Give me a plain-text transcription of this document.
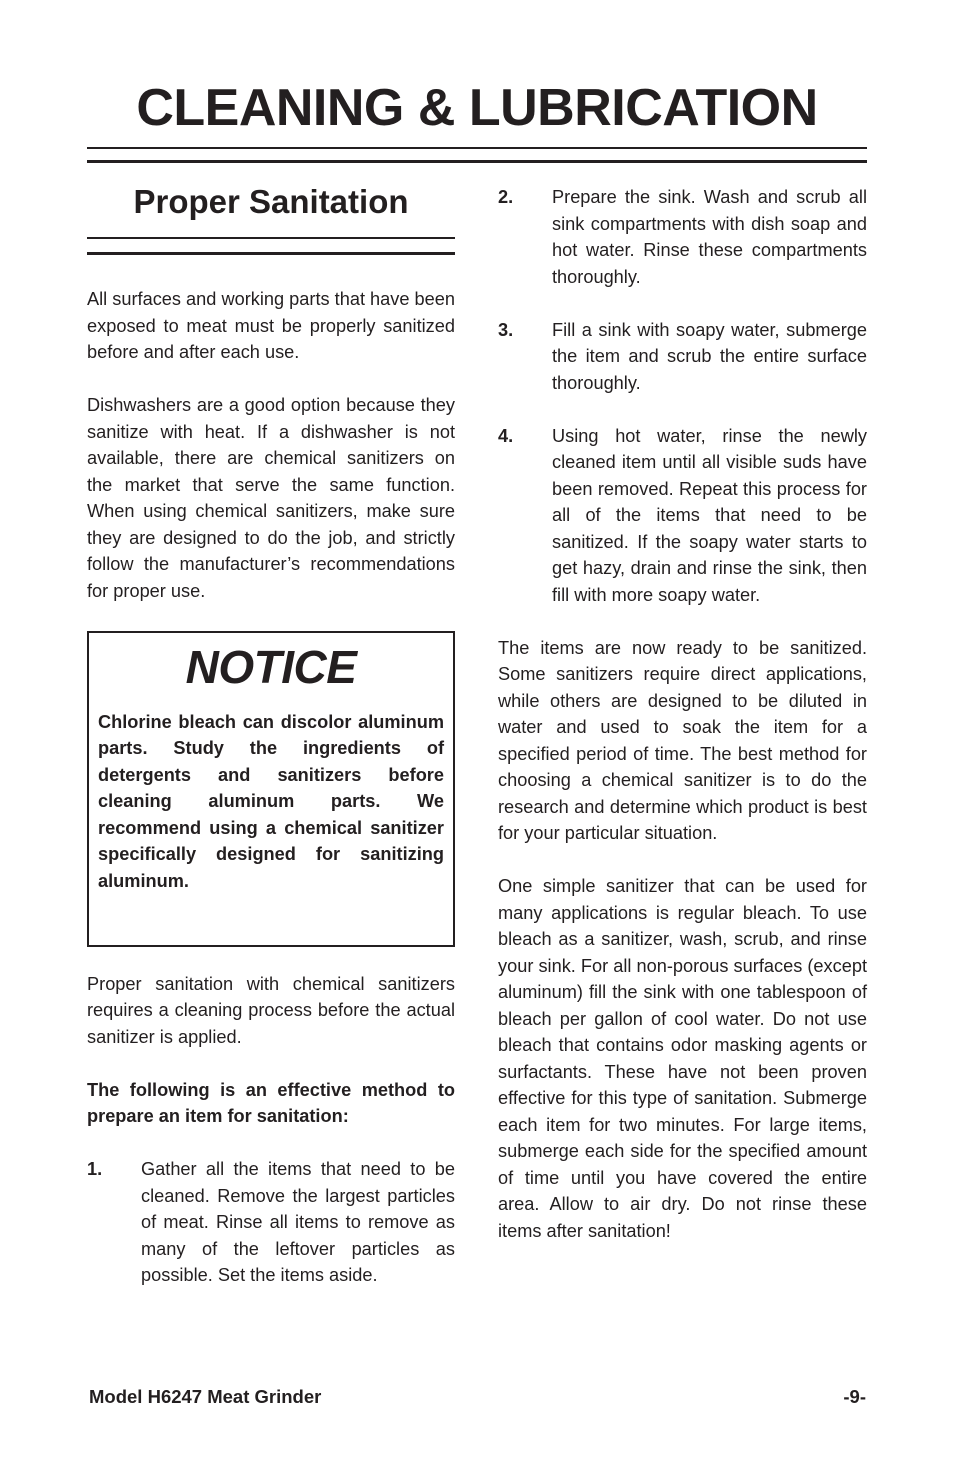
CLEANING & LUBRICATION
Proper Sanitation

All surfaces and working parts that have been exposed to meat must be properly sanitized before and after each use.

Dishwashers are a good option because they sanitize with heat. If a dishwasher is not available, there are chemical sanitizers on the market that serve the same function. When using chemical sanitizers, make sure they are designed to do the job, and strictly follow the manufacturer’s recommendations for proper use.

NOTICE

Chlorine bleach can discolor aluminum parts. Study the ingredients of detergents and sanitizers before cleaning aluminum parts. We recommend using a chemical sanitizer specifically designed for sanitizing aluminum.

Proper sanitation with chemical sanitizers requires a cleaning process before the actual sanitizer is applied.

The following is an effective method to prepare an item for sanitation:

1.	Gather all the items that need to be cleaned. Remove the largest particles of meat. Rinse all items to remove as many of the leftover particles as possible. Set the items aside.
2.	Prepare the sink. Wash and scrub all sink compartments with dish soap and hot water. Rinse these compartments thoroughly.
3.	Fill a sink with soapy water, submerge the item and scrub the entire surface thoroughly.
4.	Using hot water, rinse the newly cleaned item until all visible suds have been removed. Repeat this process for all of the items that need to be sanitized. If the soapy water starts to get hazy, drain and rinse the sink, then fill with more soapy water.

The items are now ready to be sanitized. Some sanitizers require direct applications, while others are designed to be diluted in water and used to soak the item for a specified period of time. The best method for choosing a chemical sanitizer is to do the research and determine which product is best for your particular situation.

One simple sanitizer that can be used for many applications is regular bleach. To use bleach as a sanitizer, wash, scrub, and rinse your sink. For all non-porous surfaces (except aluminum) fill the sink with one tablespoon of bleach per gallon of cool water. Do not use bleach that contains odor masking agents or surfactants. These have not been proven effective for this type of sanitation. Submerge each item for two minutes. For large items, submerge each side for the specified amount of time until you have covered the entire area. Allow to air dry. Do not rinse these items after sanitation!

Model H6247 Meat Grinder	-9-
